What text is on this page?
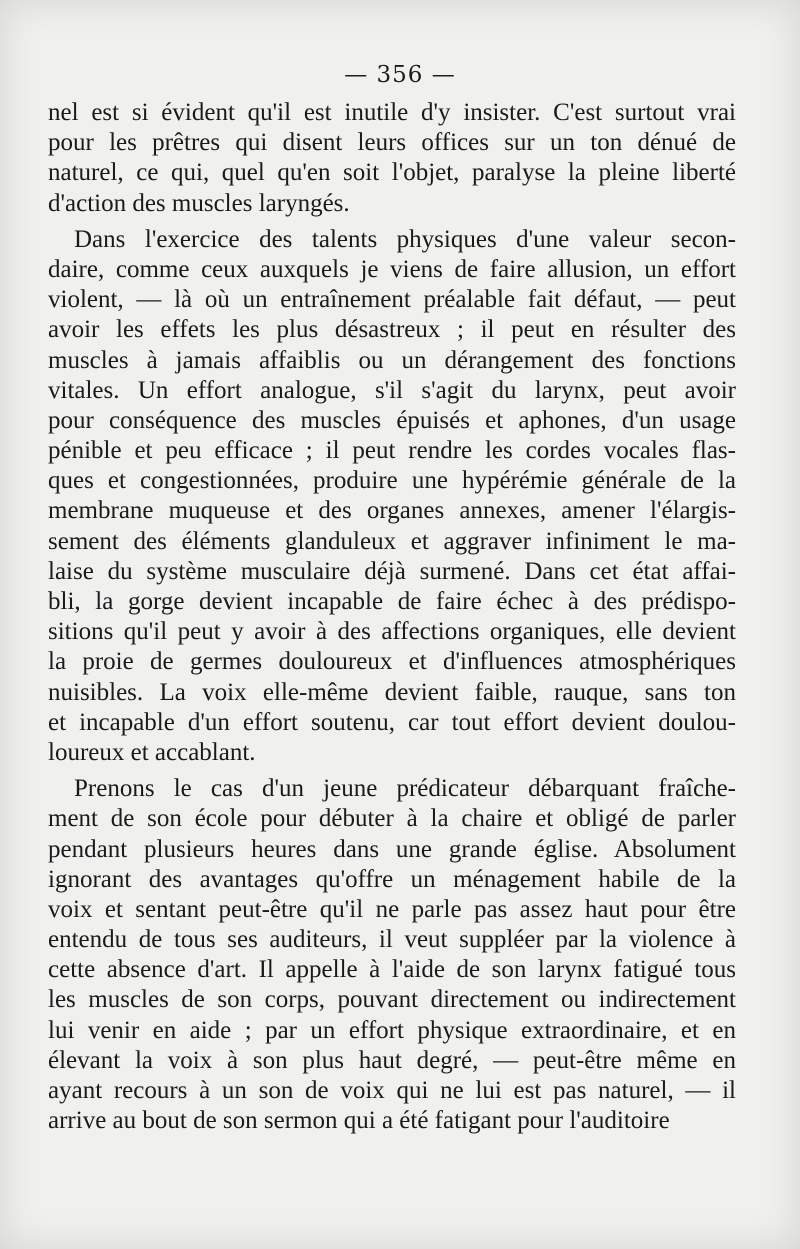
— 356 —
nel est si évident qu'il est inutile d'y insister. C'est surtout vrai
pour les prêtres qui disent leurs offices sur un ton dénué de
naturel, ce qui, quel qu'en soit l'objet, paralyse la pleine liberté
d'action des muscles laryngés.
Dans l'exercice des talents physiques d'une valeur secon-
daire, comme ceux auxquels je viens de faire allusion, un effort
violent, — là où un entraînement préalable fait défaut, — peut
avoir les effets les plus désastreux ; il peut en résulter des
muscles à jamais affaiblis ou un dérangement des fonctions
vitales. Un effort analogue, s'il s'agit du larynx, peut avoir
pour conséquence des muscles épuisés et aphones, d'un usage
pénible et peu efficace ; il peut rendre les cordes vocales flas-
ques et congestionnées, produire une hypérémie générale de la
membrane muqueuse et des organes annexes, amener l'élargis-
sement des éléments glanduleux et aggraver infiniment le ma-
laise du système musculaire déjà surmené. Dans cet état affai-
bli, la gorge devient incapable de faire échec à des prédispo-
sitions qu'il peut y avoir à des affections organiques, elle devient
la proie de germes douloureux et d'influences atmosphériques
nuisibles. La voix elle-même devient faible, rauque, sans ton
et incapable d'un effort soutenu, car tout effort devient doulou-
loureux et accablant.
Prenons le cas d'un jeune prédicateur débarquant fraîche-
ment de son école pour débuter à la chaire et obligé de parler
pendant plusieurs heures dans une grande église. Absolument
ignorant des avantages qu'offre un ménagement habile de la
voix et sentant peut-être qu'il ne parle pas assez haut pour être
entendu de tous ses auditeurs, il veut suppléer par la violence à
cette absence d'art. Il appelle à l'aide de son larynx fatigué tous
les muscles de son corps, pouvant directement ou indirectement
lui venir en aide ; par un effort physique extraordinaire, et en
élevant la voix à son plus haut degré, — peut-être même en
ayant recours à un son de voix qui ne lui est pas naturel, — il
arrive au bout de son sermon qui a été fatigant pour l'auditoire
